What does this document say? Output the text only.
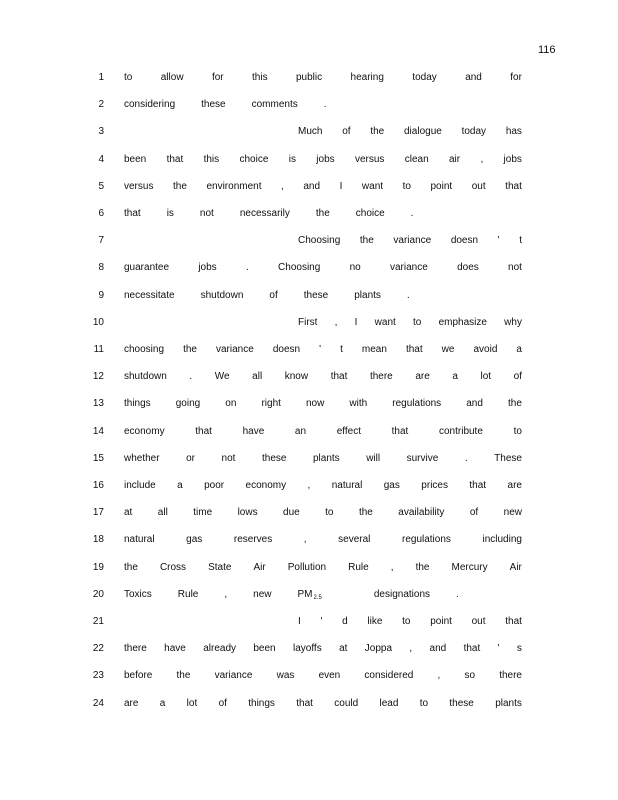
116
1 to	allow	for	this	public	hearing	today	and	for
2 considering	these	comments	.
3	Much of the dialogue today has
4 been that this choice is jobs versus clean air , jobs
5 versus the environment , and I want to point out that
6 that	is	not	necessarily	the	choice	.
7	Choosing the variance doesn ' t
8 guarantee	jobs	.	Choosing	no	variance	does	not
9 necessitate	shutdown	of	these	plants	.
10	First , I want to emphasize why
11 choosing the variance doesn ' t mean that we avoid a
12 shutdown . We all know that there are a lot of
13 things	going	on	right	now	with	regulations	and	the
14 economy	that	have	an	effect	that	contribute	to
15 whether	or	not	these	plants	will	survive	.	These
16 include a poor economy , natural gas prices that are
17 at	all	time	lows	due	to	the	availability	of	new
18 natural	gas	reserves	,	several	regulations	including
19 the Cross State Air Pollution Rule , the Mercury Air
20 Toxics	Rule	,	new	$PM_{2.5}$	designations	.
21	I ' d like to point out that
22 there have already been layoffs at Joppa , and that ' s
23 before the variance was even considered , so there
24 are a lot of things that could lead to these plants
